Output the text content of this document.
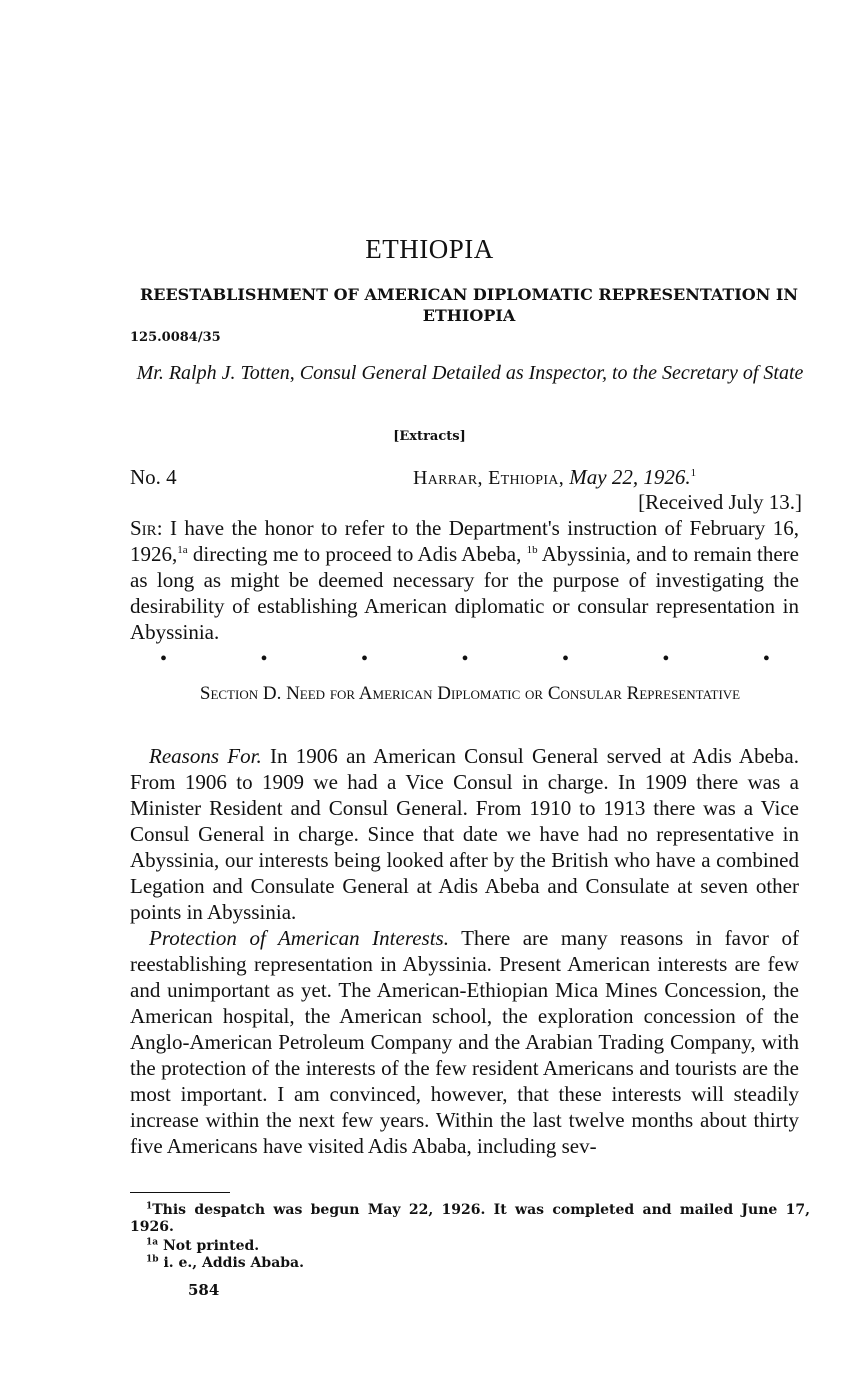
ETHIOPIA
REESTABLISHMENT OF AMERICAN DIPLOMATIC REPRESENTATION IN ETHIOPIA
125.0084/35
Mr. Ralph J. Totten, Consul General Detailed as Inspector, to the Secretary of State
[Extracts]
No. 4	Harrar, Ethiopia, May 22, 1926.$^1$
[Received July 13.]

Sir: I have the honor to refer to the Department's instruction of February 16, 1926,$^{1a}$ directing me to proceed to Adis Abeba, $^{1b}$ Abyssinia, and to remain there as long as might be deemed necessary for the purpose of investigating the desirability of establishing American diplomatic or consular representation in Abyssinia.

•	•	•	•	•	•	•
Section D. Need for American Diplomatic or Consular Representative

Reasons For. In 1906 an American Consul General served at Adis Abeba. From 1906 to 1909 we had a Vice Consul in charge. In 1909 there was a Minister Resident and Consul General. From 1910 to 1913 there was a Vice Consul General in charge. Since that date we have had no representative in Abyssinia, our interests being looked after by the British who have a combined Legation and Consulate General at Adis Abeba and Consulate at seven other points in Abyssinia.

Protection of American Interests. There are many reasons in favor of reestablishing representation in Abyssinia. Present American interests are few and unimportant as yet. The American-Ethiopian Mica Mines Concession, the American hospital, the American school, the exploration concession of the Anglo-American Petroleum Company and the Arabian Trading Company, with the protection of the interests of the few resident Americans and tourists are the most important. I am convinced, however, that these interests will steadily increase within the next few years. Within the last twelve months about thirty five Americans have visited Adis Ababa, including sev-

$^1$This despatch was begun May 22, 1926. It was completed and mailed June 17, 1926.
$^{1a}$ Not printed.
$^{1b}$ i. e., Addis Ababa.
584
